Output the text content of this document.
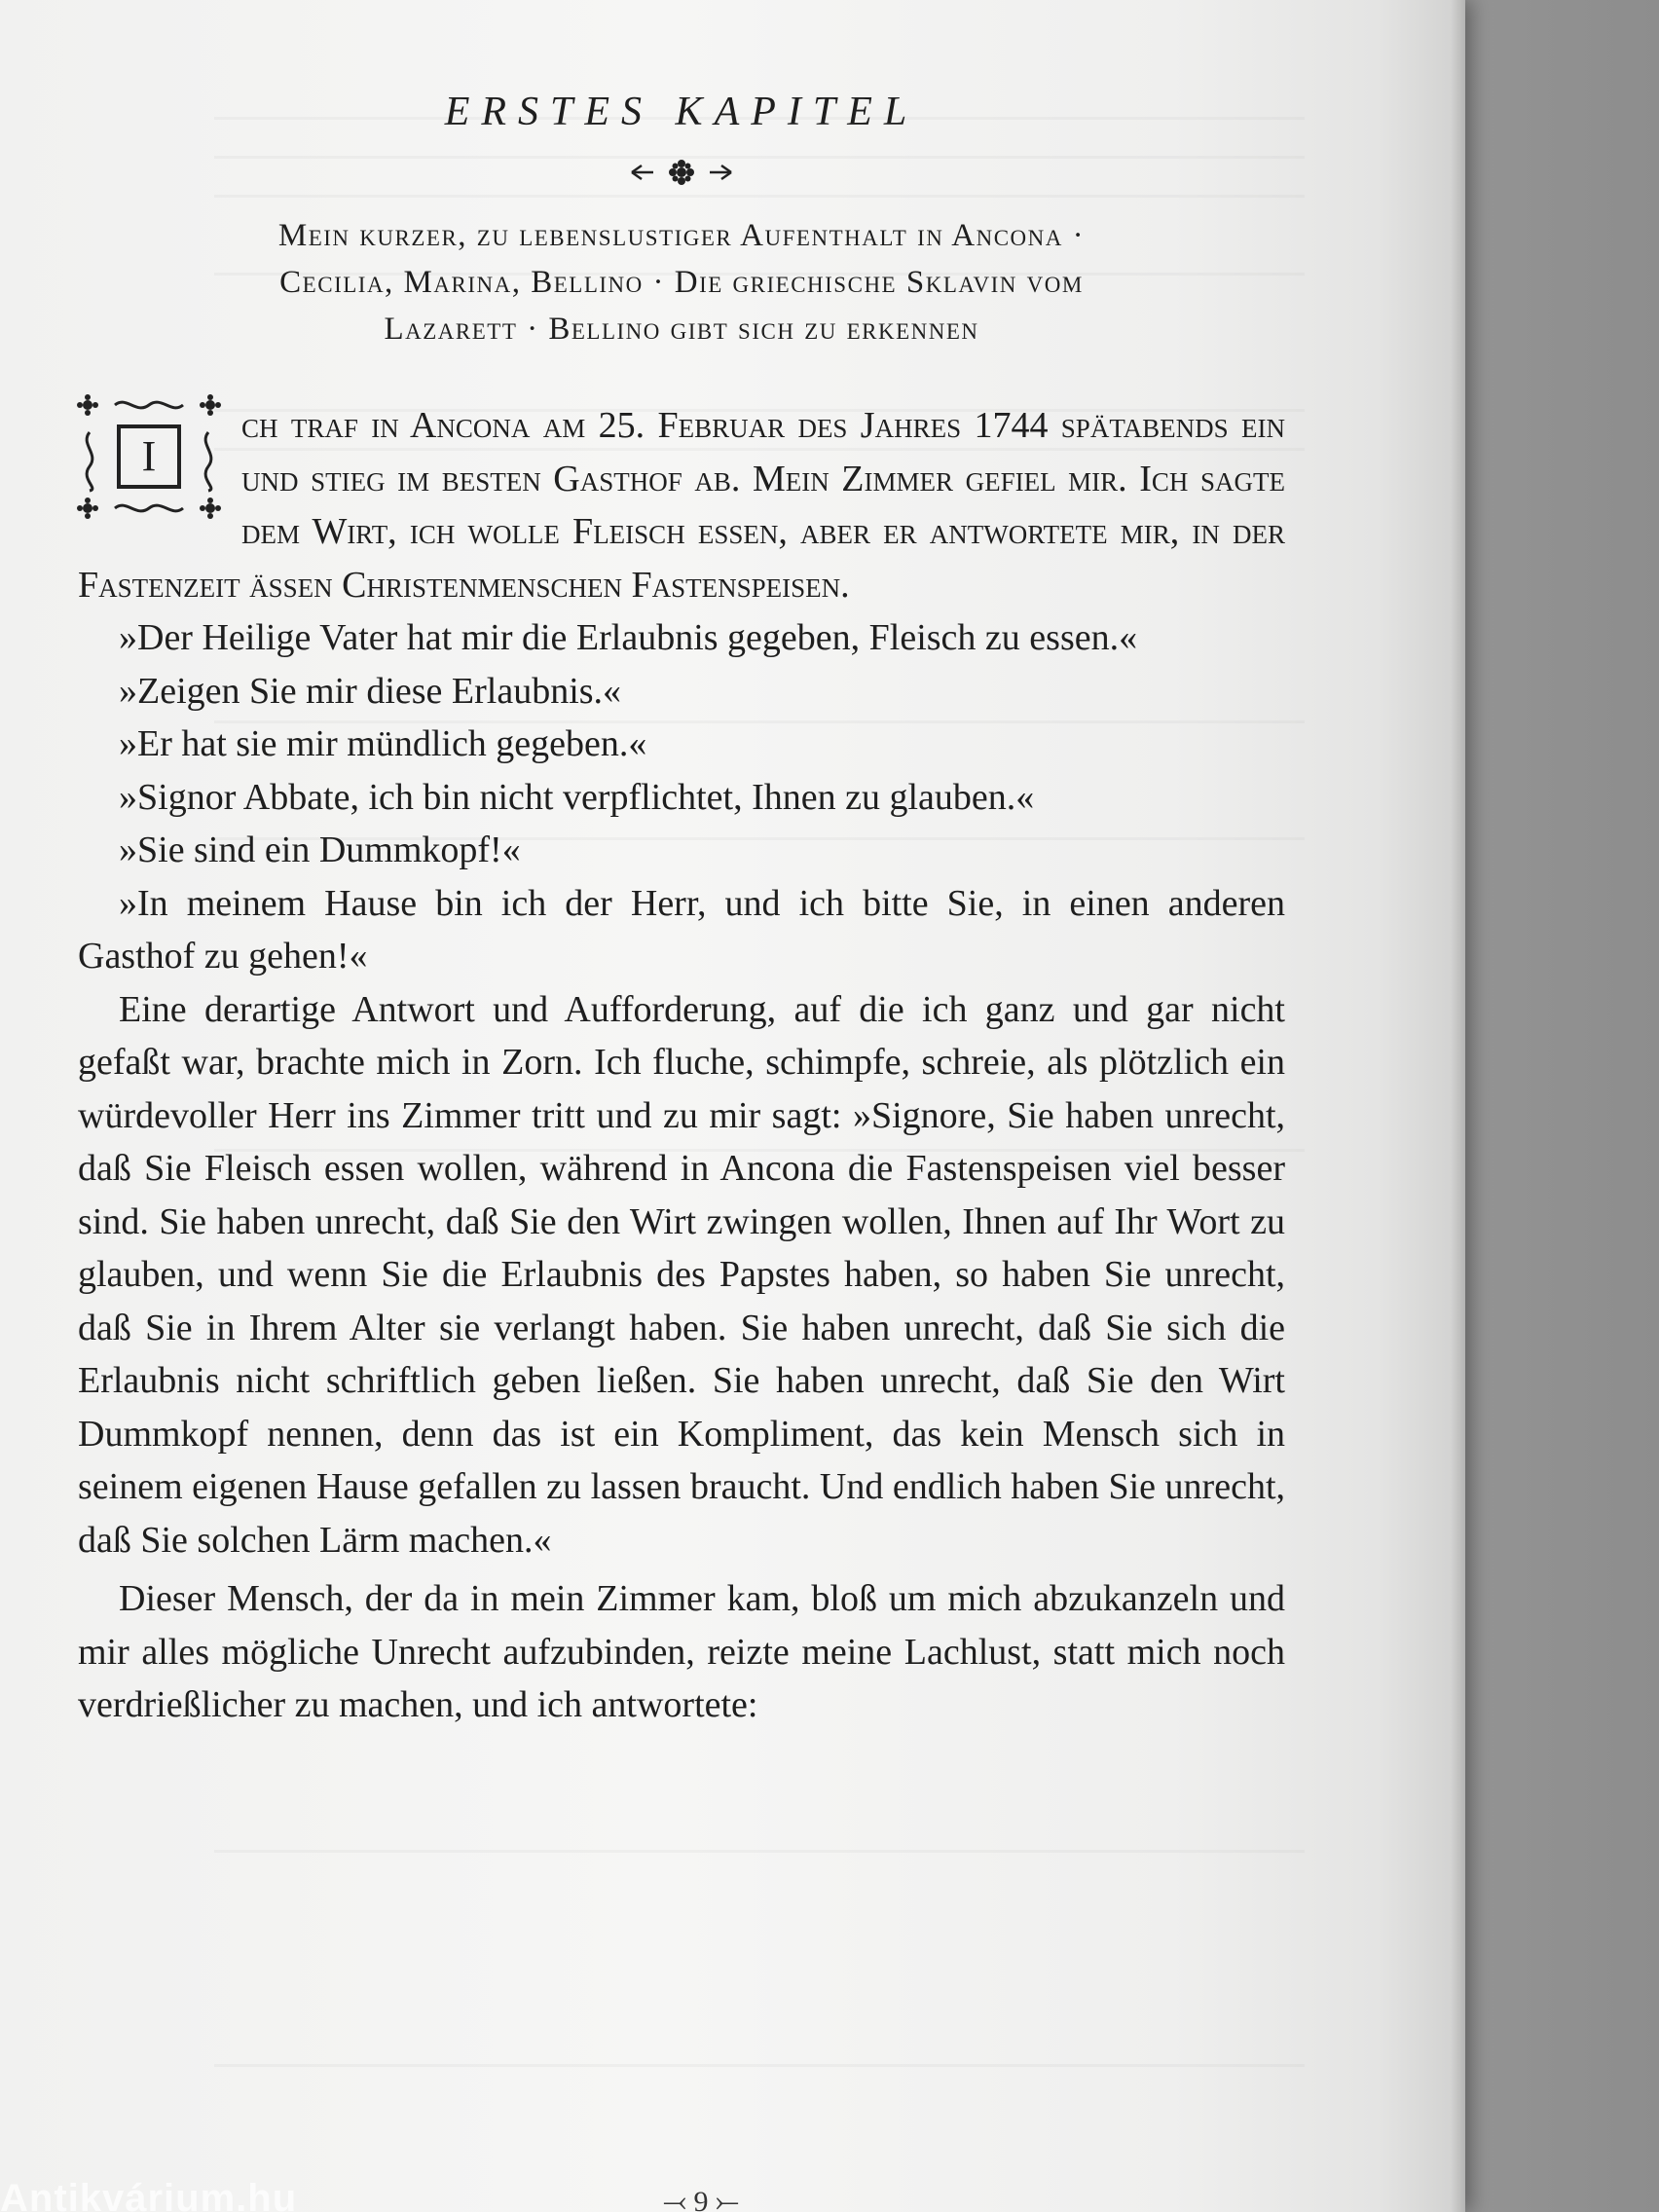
ERSTES KAPITEL
Mein kurzer, zu lebenslustiger Aufenthalt in Ancona ·
Cecilia, Marina, Bellino · Die griechische Sklavin vom
Lazarett · Bellino gibt sich zu erkennen

I
ch traf in Ancona am 25. Februar des Jahres 1744 spätabends ein und stieg im besten Gasthof ab. Mein Zimmer gefiel mir. Ich sagte dem Wirt, ich wolle Fleisch essen, aber er antwortete mir, in der Fastenzeit äßen Christenmenschen Fastenspeisen.

»Der Heilige Vater hat mir die Erlaubnis gegeben, Fleisch zu essen.«

»Zeigen Sie mir diese Erlaubnis.«

»Er hat sie mir mündlich gegeben.«

»Signor Abbate, ich bin nicht verpflichtet, Ihnen zu glauben.«

»Sie sind ein Dummkopf!«

»In meinem Hause bin ich der Herr, und ich bitte Sie, in einen anderen Gasthof zu gehen!«

Eine derartige Antwort und Aufforderung, auf die ich ganz und gar nicht gefaßt war, brachte mich in Zorn. Ich fluche, schimpfe, schreie, als plötzlich ein würdevoller Herr ins Zimmer tritt und zu mir sagt: »Signore, Sie haben unrecht, daß Sie Fleisch essen wollen, während in Ancona die Fastenspeisen viel besser sind. Sie haben unrecht, daß Sie den Wirt zwingen wollen, Ihnen auf Ihr Wort zu glauben, und wenn Sie die Erlaubnis des Papstes haben, so haben Sie unrecht, daß Sie in Ihrem Alter sie verlangt haben. Sie haben unrecht, daß Sie sich die Erlaubnis nicht schriftlich geben ließen. Sie haben unrecht, daß Sie den Wirt Dummkopf nennen, denn das ist ein Kompliment, das kein Mensch sich in seinem eigenen Hause gefallen zu lassen braucht. Und endlich haben Sie unrecht, daß Sie solchen Lärm machen.«

Dieser Mensch, der da in mein Zimmer kam, bloß um mich abzukanzeln und mir alles mögliche Unrecht aufzubinden, reizte meine Lachlust, statt mich noch verdrießlicher zu machen, und ich antwortete:

⤙ 9 ⤚
Antikvárium.hu
